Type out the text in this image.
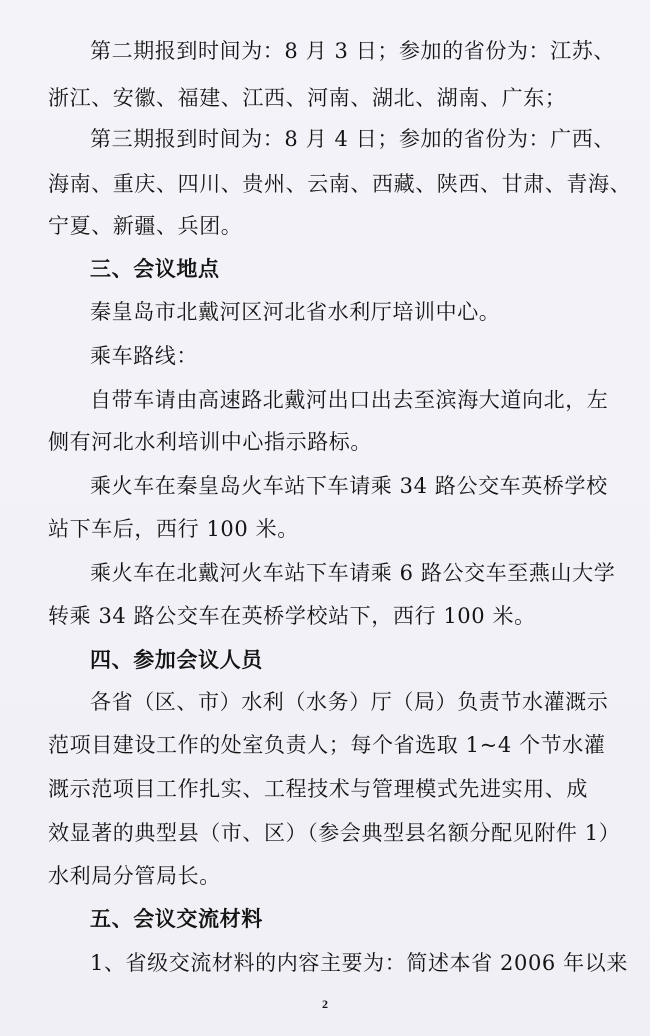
第二期报到时间为：8 月 3 日；参加的省份为：江苏、
浙江、安徽、福建、江西、河南、湖北、湖南、广东；
第三期报到时间为：8 月 4 日；参加的省份为：广西、
海南、重庆、四川、贵州、云南、西藏、陕西、甘肃、青海、
宁夏、新疆、兵团。
三、会议地点
秦皇岛市北戴河区河北省水利厅培训中心。
乘车路线：
自带车请由高速路北戴河出口出去至滨海大道向北，左
侧有河北水利培训中心指示路标。
乘火车在秦皇岛火车站下车请乘 34 路公交车英桥学校
站下车后，西行 100 米。
乘火车在北戴河火车站下车请乘 6 路公交车至燕山大学
转乘 34 路公交车在英桥学校站下，西行 100 米。
四、参加会议人员
各省（区、市）水利（水务）厅（局）负责节水灌溉示
范项目建设工作的处室负责人；每个省选取 1~4 个节水灌
溉示范项目工作扎实、工程技术与管理模式先进实用、成
效显著的典型县（市、区）（参会典型县名额分配见附件 1）
水利局分管局长。
五、会议交流材料
1、省级交流材料的内容主要为：简述本省 2006 年以来
2
